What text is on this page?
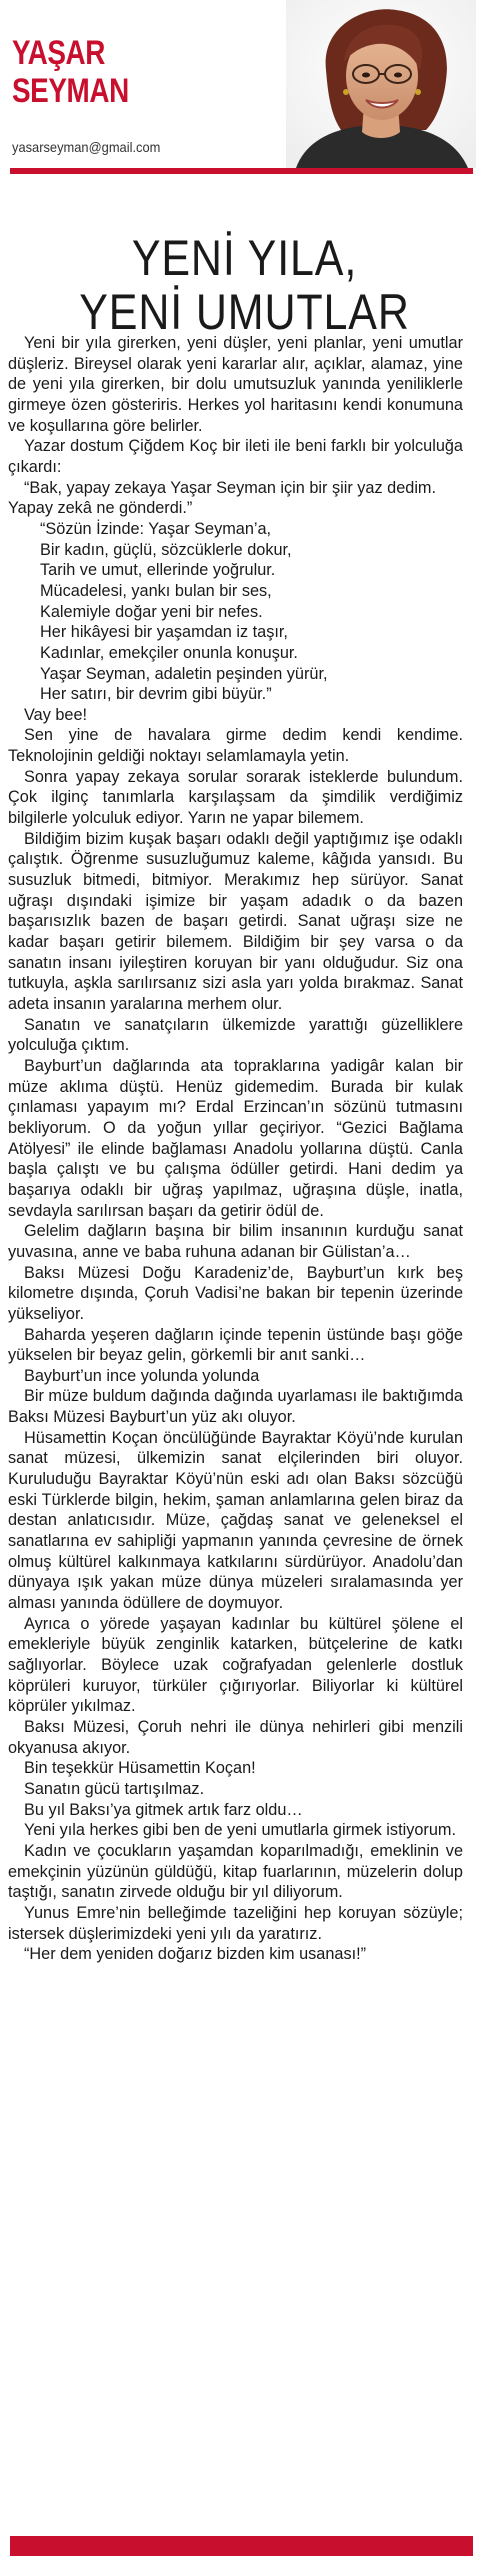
YAŞAR
SEYMAN
yasarseyman@gmail.com
YENİ YILA,
YENİ UMUTLAR

Yeni bir yıla girerken, yeni düşler, yeni planlar, yeni umutlar düşleriz. Bireysel olarak yeni kararlar alır, açıklar, alamaz, yine de yeni yıla girerken, bir dolu umutsuzluk yanında yeniliklerle girmeye özen gösteriris. Herkes yol haritasını kendi konumuna ve koşullarına göre belirler.

Yazar dostum Çiğdem Koç bir ileti ile beni farklı bir yolculuğa çıkardı:

“Bak, yapay zekaya Yaşar Seyman için bir şiir yaz dedim. Yapay zekâ ne gönderdi.”

“Sözün İzinde: Yaşar Seyman’a,
Bir kadın, güçlü, sözcüklerle dokur,
Tarih ve umut, ellerinde yoğrulur.
Mücadelesi, yankı bulan bir ses,
Kalemiyle doğar yeni bir nefes.
Her hikâyesi bir yaşamdan iz taşır,
Kadınlar, emekçiler onunla konuşur.
Yaşar Seyman, adaletin peşinden yürür,
Her satırı, bir devrim gibi büyür.”

Vay bee!

Sen yine de havalara girme dedim kendi kendime. Teknolojinin geldiği noktayı selamlamayla yetin.

Sonra yapay zekaya sorular sorarak isteklerde bulundum. Çok ilginç tanımlarla karşılaşsam da şimdilik verdiğimiz bilgilerle yolculuk ediyor. Yarın ne yapar bilemem.

Bildiğim bizim kuşak başarı odaklı değil yaptığımız işe odaklı çalıştık. Öğrenme susuzluğumuz kaleme, kâğıda yansıdı. Bu susuzluk bitmedi, bitmiyor. Merakımız hep sürüyor. Sanat uğraşı dışındaki işimize bir yaşam adadık o da bazen başarısızlık bazen de başarı getirdi. Sanat uğraşı size ne kadar başarı getirir bilemem. Bildiğim bir şey varsa o da sanatın insanı iyileştiren koruyan bir yanı olduğudur. Siz ona tutkuyla, aşkla sarılırsanız sizi asla yarı yolda bırakmaz. Sanat adeta insanın yaralarına merhem olur.

Sanatın ve sanatçıların ülkemizde yarattığı güzelliklere yolculuğa çıktım.

Bayburt’un dağlarında ata topraklarına yadigâr kalan bir müze aklıma düştü. Henüz gidemedim. Burada bir kulak çınlaması yapayım mı? Erdal Erzincan’ın sözünü tutmasını bekliyorum. O da yoğun yıllar geçiriyor. “Gezici Bağlama Atölyesi” ile elinde bağlaması Anadolu yollarına düştü. Canla başla çalıştı ve bu çalışma ödüller getirdi. Hani dedim ya başarıya odaklı bir uğraş yapılmaz, uğraşına düşle, inatla, sevdayla sarılırsan başarı da getirir ödül de.

Gelelim dağların başına bir bilim insanının kurduğu sanat yuvasına, anne ve baba ruhuna adanan bir Gülistan’a…

Baksı Müzesi Doğu Karadeniz’de, Bayburt’un kırk beş kilometre dışında, Çoruh Vadisi’ne bakan bir tepenin üzerinde yükseliyor.

Baharda yeşeren dağların içinde tepenin üstünde başı göğe yükselen bir beyaz gelin, görkemli bir anıt sanki…

Bayburt’un ince yolunda yolunda

Bir müze buldum dağında dağında uyarlaması ile baktığımda Baksı Müzesi Bayburt’un yüz akı oluyor.

Hüsamettin Koçan öncülüğünde Bayraktar Köyü’nde kurulan sanat müzesi, ülkemizin sanat elçilerinden biri oluyor. Kuruluduğu Bayraktar Köyü’nün eski adı olan Baksı sözcüğü eski Türklerde bilgin, hekim, şaman anlamlarına gelen biraz da destan anlatıcısıdır. Müze, çağdaş sanat ve geleneksel el sanatlarına ev sahipliği yapmanın yanında çevresine de örnek olmuş kültürel kalkınmaya katkılarını sürdürüyor. Anadolu’dan dünyaya ışık yakan müze dünya müzeleri sıralamasında yer alması yanında ödüllere de doymuyor.

Ayrıca o yörede yaşayan kadınlar bu kültürel şölene el emekleriyle büyük zenginlik katarken, bütçelerine de katkı sağlıyorlar. Böylece uzak coğrafyadan gelenlerle dostluk köprüleri kuruyor, türküler çığırıyorlar. Biliyorlar ki kültürel köprüler yıkılmaz.

Baksı Müzesi, Çoruh nehri ile dünya nehirleri gibi menzili okyanusa akıyor.

Bin teşekkür Hüsamettin Koçan!

Sanatın gücü tartışılmaz.

Bu yıl Baksı’ya gitmek artık farz oldu…

Yeni yıla herkes gibi ben de yeni umutlarla girmek istiyorum.

Kadın ve çocukların yaşamdan koparılmadığı, emeklinin ve emekçinin yüzünün güldüğü, kitap fuarlarının, müzelerin dolup taştığı, sanatın zirvede olduğu bir yıl diliyorum.

Yunus Emre’nin belleğimde tazeliğini hep koruyan sözüyle; istersek düşlerimizdeki yeni yılı da yaratırız.

“Her dem yeniden doğarız bizden kim usanası!”
